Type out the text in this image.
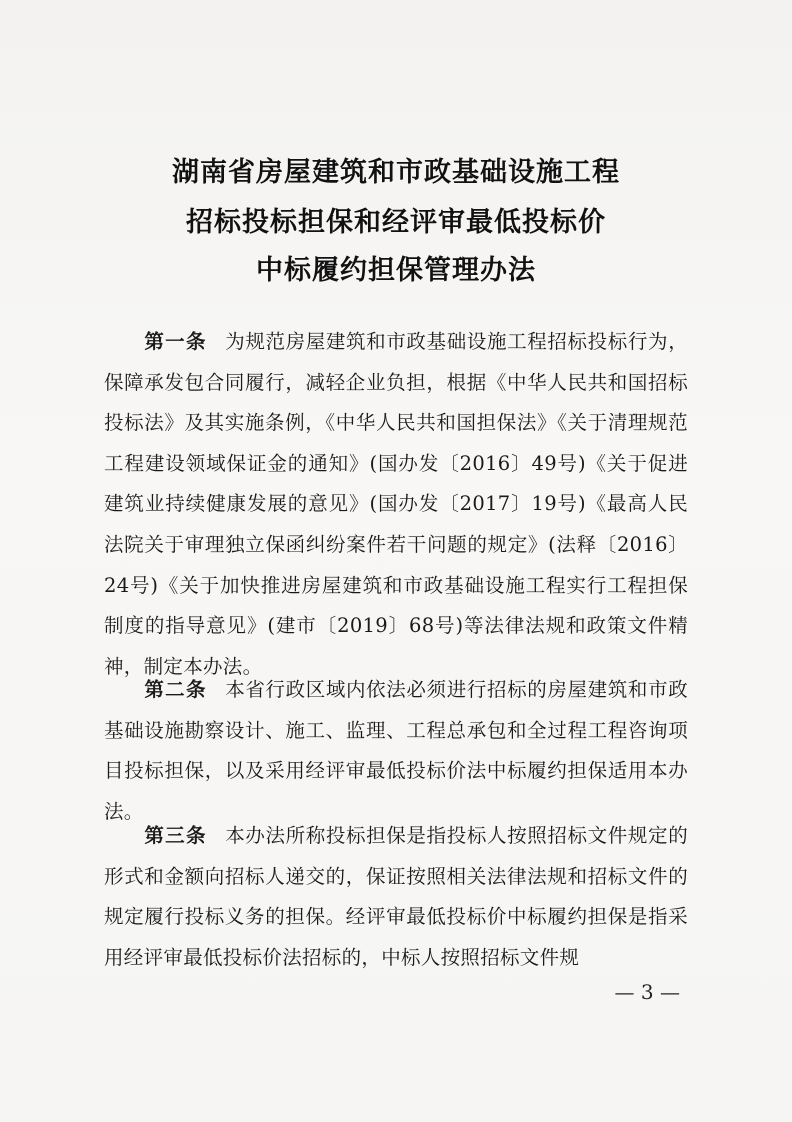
湖南省房屋建筑和市政基础设施工程
招标投标担保和经评审最低投标价
中标履约担保管理办法
第一条 为规范房屋建筑和市政基础设施工程招标投标行为，保障承发包合同履行，减轻企业负担，根据《中华人民共和国招标投标法》及其实施条例，《中华人民共和国担保法》《关于清理规范工程建设领域保证金的通知》(国办发〔2016〕49号)《关于促进建筑业持续健康发展的意见》(国办发〔2017〕19号)《最高人民法院关于审理独立保函纠纷案件若干问题的规定》(法释〔2016〕24号)《关于加快推进房屋建筑和市政基础设施工程实行工程担保制度的指导意见》(建市〔2019〕68号)等法律法规和政策文件精神，制定本办法。
第二条 本省行政区域内依法必须进行招标的房屋建筑和市政基础设施勘察设计、施工、监理、工程总承包和全过程工程咨询项目投标担保，以及采用经评审最低投标价法中标履约担保适用本办法。
第三条 本办法所称投标担保是指投标人按照招标文件规定的形式和金额向招标人递交的，保证按照相关法律法规和招标文件的规定履行投标义务的担保。经评审最低投标价中标履约担保是指采用经评审最低投标价法招标的，中标人按照招标文件规
— 3 —
